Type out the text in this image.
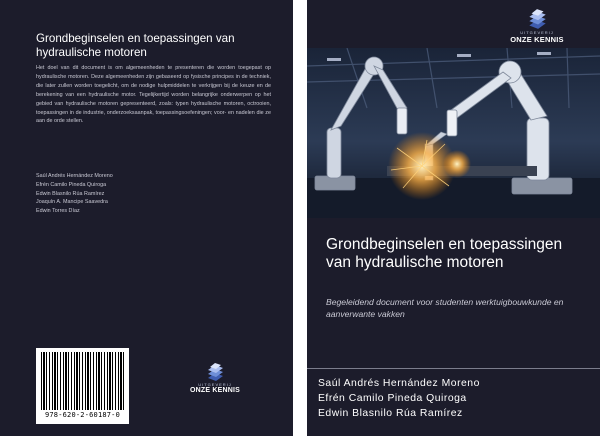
Grondbeginselen en toepassingen van hydraulische motoren
Het doel van dit document is om algemeenheden te presenteren die worden toegepast op hydraulische motoren. Deze algemeenheden zijn gebaseerd op fysische principes in de techniek, die later zullen worden toegelicht, om de nodige hulpmiddelen te verkrijgen bij de keuze en de berekening van een hydraulische motor. Tegelijkertijd worden belangrijke onderwerpen op het gebied van hydraulische motoren gepresenteerd, zoals: typen hydraulische motoren, octrooien, toepassingen in de industrie, onderzoeksaanpak, toepassingsoefeningen; voor- en nadelen die ze aan de orde stellen.
Saúl Andrés Hernández Moreno
Efrén Camilo Pineda Quiroga
Edwin Blasnilo Rúa Ramírez
Joaquín A. Mancipe Saavedra
Edwin Torres Díaz
978-620-2-60187-0
UITGEVERIJ
ONZE KENNIS
UITGEVERIJ
ONZE KENNIS
Grondbeginselen en toepassingen van hydraulische motoren
Begeleidend document voor studenten werktuigbouwkunde en aanverwante vakken
Saúl Andrés Hernández Moreno
Efrén Camilo Pineda Quiroga
Edwin Blasnilo Rúa Ramírez
